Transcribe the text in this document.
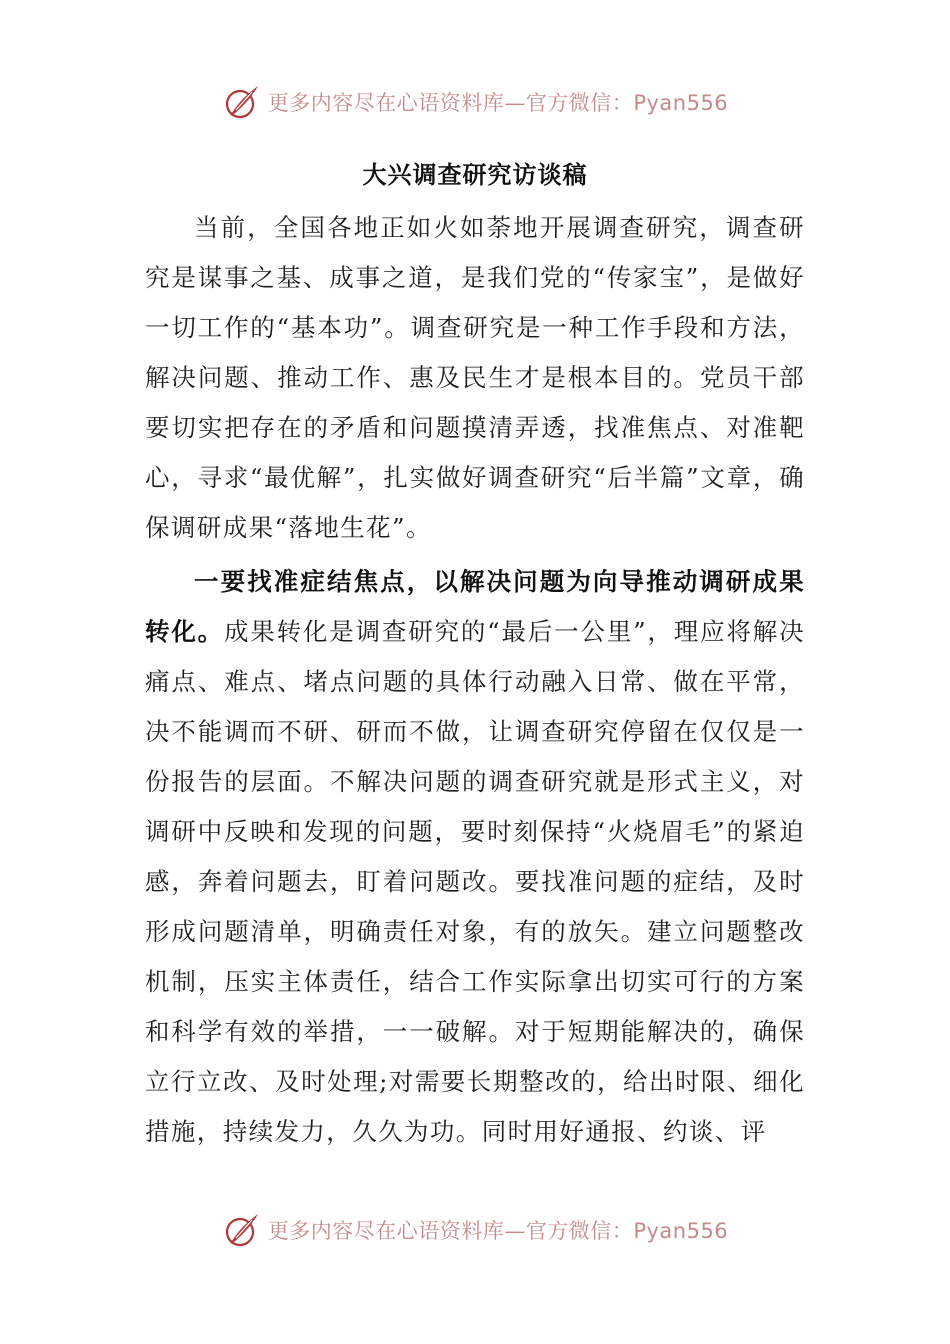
更多内容尽在心语资料库—官方微信：Pyan556
大兴调查研究访谈稿

当前，全国各地正如火如荼地开展调查研究，调查研究是谋事之基、成事之道，是我们党的“传家宝”，是做好一切工作的“基本功”。调查研究是一种工作手段和方法，解决问题、推动工作、惠及民生才是根本目的。党员干部要切实把存在的矛盾和问题摸清弄透，找准焦点、对准靶心，寻求“最优解”，扎实做好调查研究“后半篇”文章，确保调研成果“落地生花”。

一要找准症结焦点，以解决问题为向导推动调研成果转化。成果转化是调查研究的“最后一公里”，理应将解决痛点、难点、堵点问题的具体行动融入日常、做在平常，决不能调而不研、研而不做，让调查研究停留在仅仅是一份报告的层面。不解决问题的调查研究就是形式主义，对调研中反映和发现的问题，要时刻保持“火烧眉毛”的紧迫感，奔着问题去，盯着问题改。要找准问题的症结，及时形成问题清单，明确责任对象，有的放矢。建立问题整改机制，压实主体责任，结合工作实际拿出切实可行的方案和科学有效的举措，一一破解。对于短期能解决的，确保立行立改、及时处理;对需要长期整改的，给出时限、细化措施，持续发力，久久为功。同时用好通报、约谈、评

更多内容尽在心语资料库—官方微信：Pyan556
